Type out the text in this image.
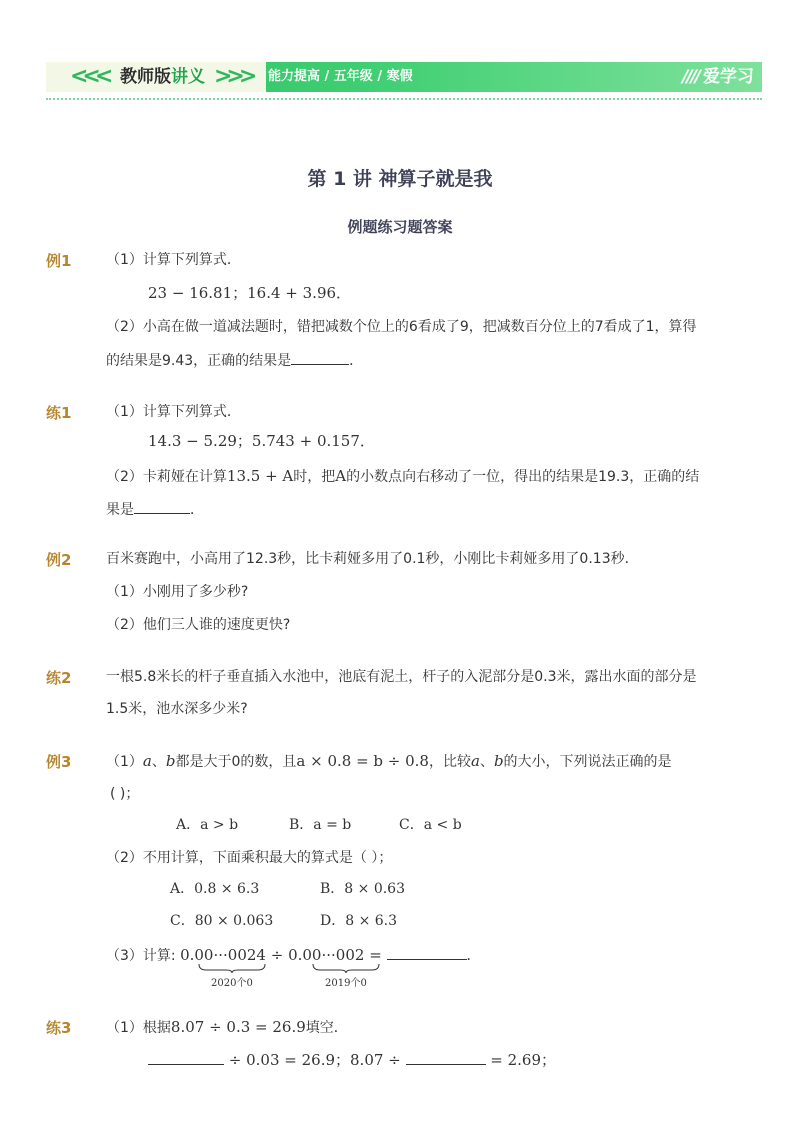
<<< 教师版讲义 >>> 能力提高 / 五年级 / 寒假	//// 爱学习
第 1 讲 神算子就是我
例题练习题答案
例1 （1）计算下列算式．
23 − 16.81；16.4 + 3.96．
（2）小高在做一道减法题时，错把减数个位上的6看成了9，把减数百分位上的7看成了1，算得
的结果是9.43，正确的结果是	．
练1 （1）计算下列算式．
14.3 − 5.29；5.743 + 0.157．
（2）卡莉娅在计算13.5 + A时，把A的小数点向右移动了一位，得出的结果是19.3，正确的结
果是	．
例2 百米赛跑中，小高用了12.3秒，比卡莉娅多用了0.1秒，小刚比卡莉娅多用了0.13秒．
（1）小刚用了多少秒?
（2）他们三人谁的速度更快?
练2 一根5.8米长的杆子垂直插入水池中，池底有泥土，杆子的入泥部分是0.3米，露出水面的部分是
1.5米，池水深多少米?
例3 （1）a、b都是大于0的数，且a × 0.8 = b ÷ 0.8，比较a、b的大小，下列说法正确的是
( )；
A．a > b	B．a = b	C．a < b
（2）不用计算，下面乘积最大的算式是（ ）；
A．0.8 × 6.3	B．8 × 0.63
C．80 × 0.063	D．8 × 6.3
（3）计算: 0.00···0024 ÷ 0.00···002 =	．
2020个0	2019个0
练3 （1）根据8.07 ÷ 0.3 = 26.9填空．
÷ 0.03 = 26.9；8.07 ÷	= 2.69；
